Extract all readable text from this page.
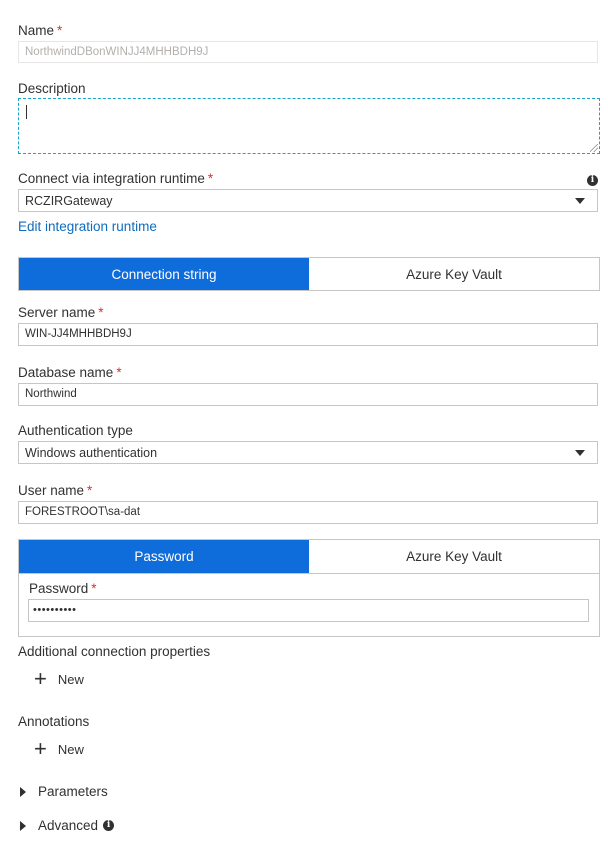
Name *
NorthwindDBonWINJJ4MHHBDH9J
Description
Connect via integration runtime *	i
RCZIRGateway
Edit integration runtime
Connection string	Azure Key Vault
Server name *
WIN-JJ4MHHBDH9J
Database name *
Northwind
Authentication type
Windows authentication
User name *
FORESTROOT\sa-dat
Password	Azure Key Vault
Password *
••••••••••
Additional connection properties
+ New
Annotations
+ New
Parameters
Advanced i
